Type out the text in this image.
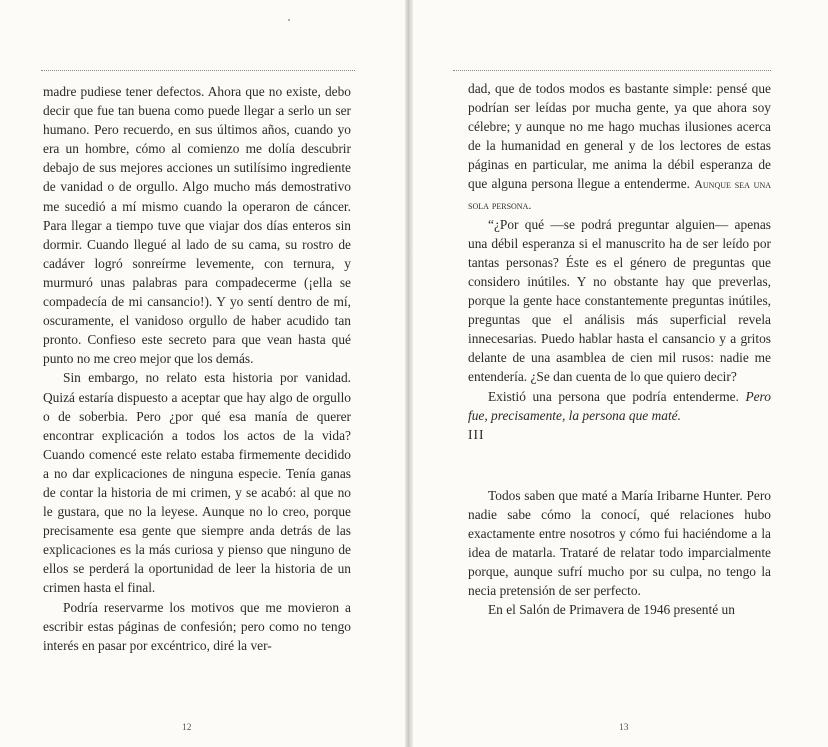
madre pudiese tener defectos. Ahora que no existe, debo decir que fue tan buena como puede llegar a serlo un ser humano. Pero recuerdo, en sus últimos años, cuando yo era un hombre, cómo al comienzo me dolía descubrir debajo de sus mejores acciones un sutilísimo ingrediente de vanidad o de orgullo. Algo mucho más demostrativo me sucedió a mí mismo cuando la operaron de cáncer. Para llegar a tiempo tuve que viajar dos días enteros sin dormir. Cuando llegué al lado de su cama, su rostro de cadáver logró sonreírme levemente, con ternura, y murmuró unas palabras para compadecerme (¡ella se compadecía de mi cansancio!). Y yo sentí dentro de mí, oscuramente, el vanidoso orgullo de haber acudido tan pronto. Confieso este secreto para que vean hasta qué punto no me creo mejor que los demás.

Sin embargo, no relato esta historia por vanidad. Quizá estaría dispuesto a aceptar que hay algo de orgullo o de soberbia. Pero ¿por qué esa manía de querer encontrar explicación a todos los actos de la vida? Cuando comencé este relato estaba firmemente decidido a no dar explicaciones de ninguna especie. Tenía ganas de contar la historia de mi crimen, y se acabó: al que no le gustara, que no la leyese. Aunque no lo creo, porque precisamente esa gente que siempre anda detrás de las explicaciones es la más curiosa y pienso que ninguno de ellos se perderá la oportunidad de leer la historia de un crimen hasta el final.

Podría reservarme los motivos que me movieron a escribir estas páginas de confesión; pero como no tengo interés en pasar por excéntrico, diré la ver-

12

dad, que de todos modos es bastante simple: pensé que podrían ser leídas por mucha gente, ya que ahora soy célebre; y aunque no me hago muchas ilusiones acerca de la humanidad en general y de los lectores de estas páginas en particular, me anima la débil esperanza de que alguna persona llegue a entenderme. Aunque sea una sola persona.

“¿Por qué —se podrá preguntar alguien— apenas una débil esperanza si el manuscrito ha de ser leído por tantas personas? Éste es el género de preguntas que considero inútiles. Y no obstante hay que preverlas, porque la gente hace constantemente preguntas inútiles, preguntas que el análisis más superficial revela innecesarias. Puedo hablar hasta el cansancio y a gritos delante de una asamblea de cien mil rusos: nadie me entendería. ¿Se dan cuenta de lo que quiero decir?

Existió una persona que podría entenderme. Pero fue, precisamente, la persona que maté.

III

Todos saben que maté a María Iribarne Hunter. Pero nadie sabe cómo la conocí, qué relaciones hubo exactamente entre nosotros y cómo fui haciéndome a la idea de matarla. Trataré de relatar todo imparcialmente porque, aunque sufrí mucho por su culpa, no tengo la necia pretensión de ser perfecto.

En el Salón de Primavera de 1946 presenté un

13
